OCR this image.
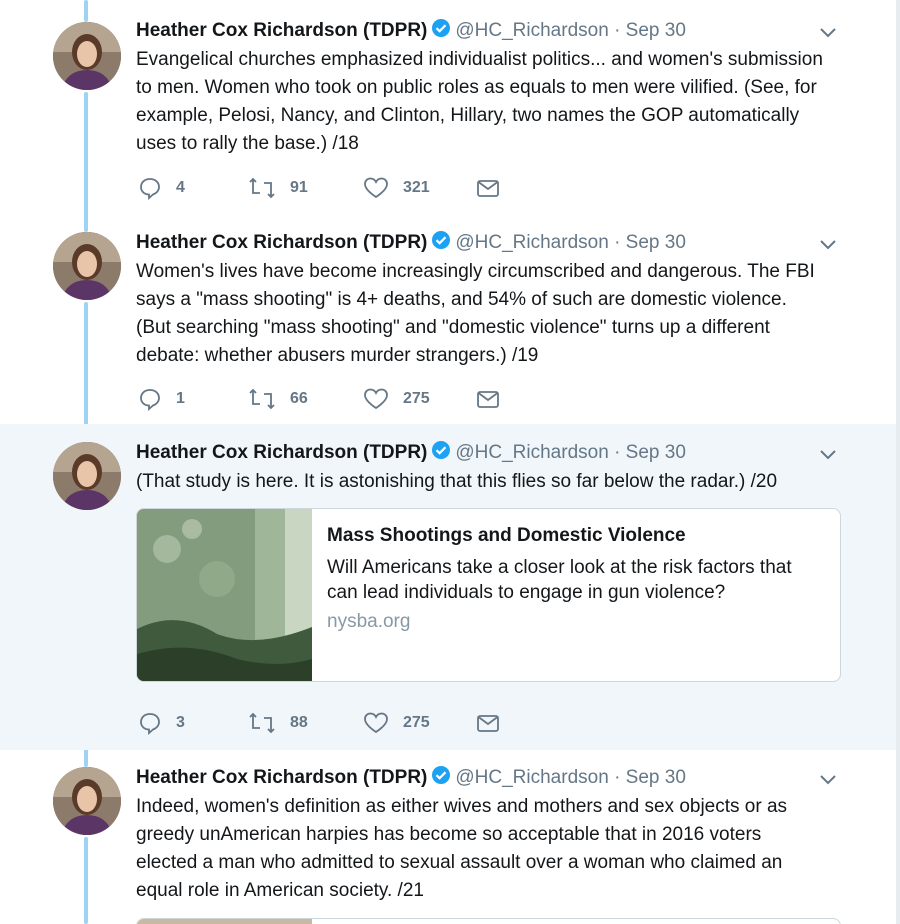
Heather Cox Richardson (TDPR) @HC_Richardson · Sep 30
Evangelical churches emphasized individualist politics... and women's submission to men. Women who took on public roles as equals to men were vilified. (See, for example, Pelosi, Nancy, and Clinton, Hillary, two names the GOP automatically uses to rally the base.) /18
4	91	321
Heather Cox Richardson (TDPR) @HC_Richardson · Sep 30
Women's lives have become increasingly circumscribed and dangerous. The FBI says a "mass shooting" is 4+ deaths, and 54% of such are domestic violence. (But searching "mass shooting" and "domestic violence" turns up a different debate: whether abusers murder strangers.) /19
1	66	275
Heather Cox Richardson (TDPR) @HC_Richardson · Sep 30
(That study is here. It is astonishing that this flies so far below the radar.) /20
Mass Shootings and Domestic Violence
Will Americans take a closer look at the risk factors that can lead individuals to engage in gun violence?
nysba.org
3	88	275
Heather Cox Richardson (TDPR) @HC_Richardson · Sep 30
Indeed, women's definition as either wives and mothers and sex objects or as greedy unAmerican harpies has become so acceptable that in 2016 voters elected a man who admitted to sexual assault over a woman who claimed an equal role in American society. /21
